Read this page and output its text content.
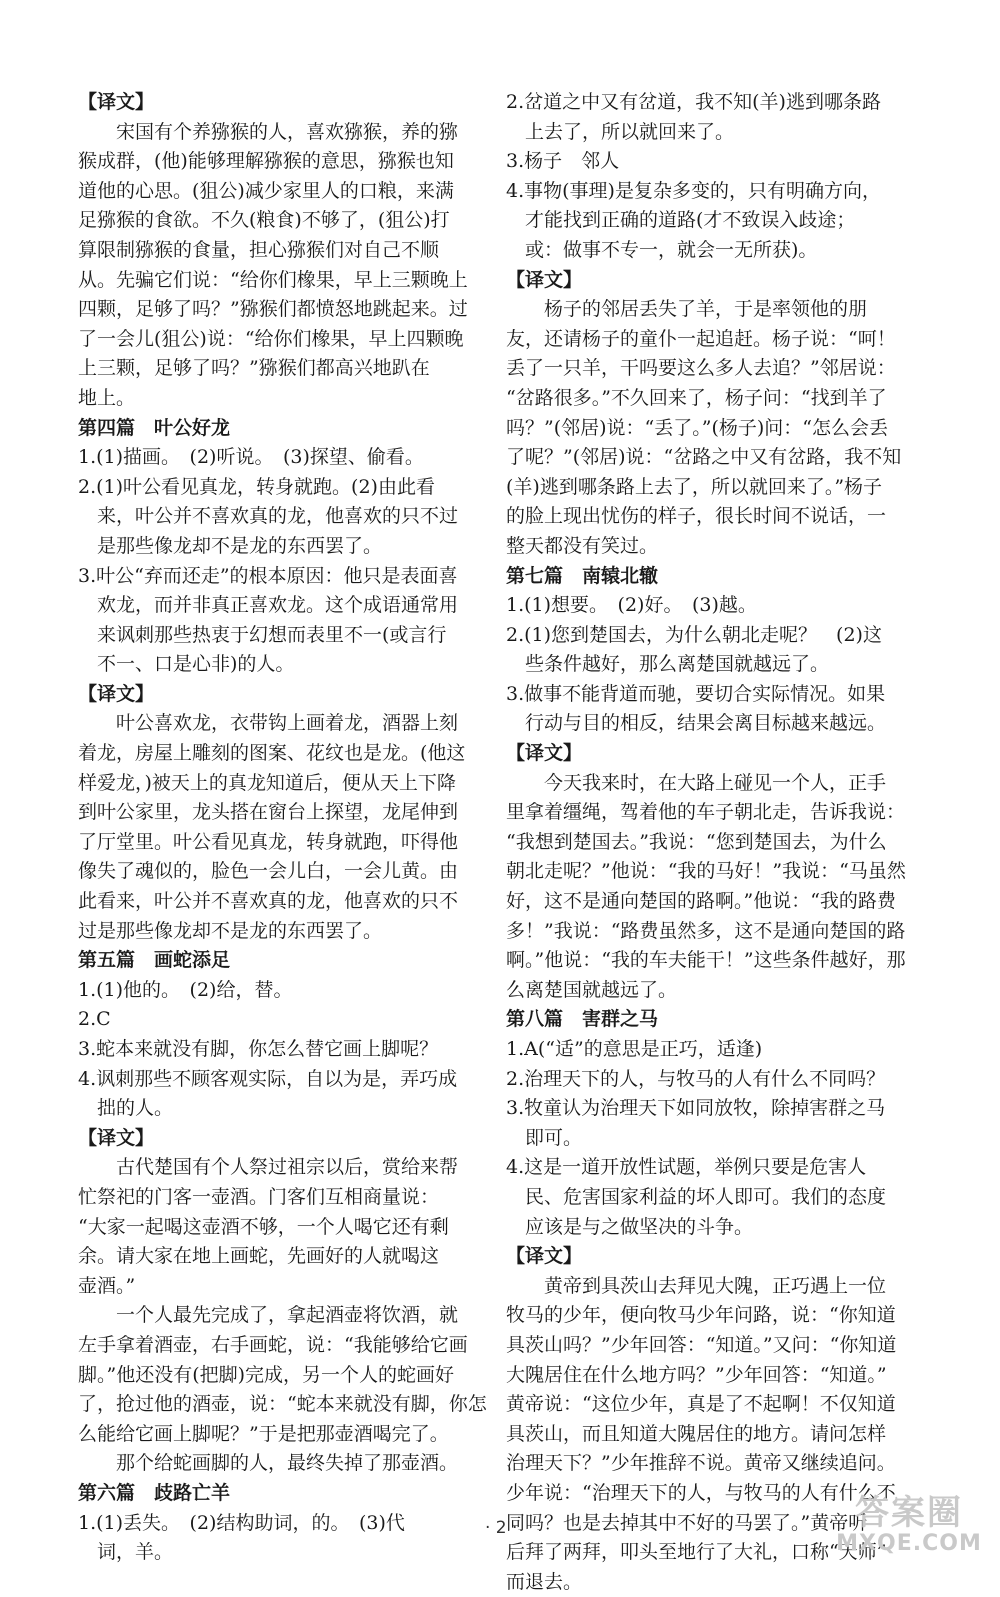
【译文】
　　宋国有个养猕猴的人，喜欢猕猴，养的猕
猴成群，(他)能够理解猕猴的意思，猕猴也知
道他的心思。(狙公)减少家里人的口粮，来满
足猕猴的食欲。不久(粮食)不够了，(狙公)打
算限制猕猴的食量，担心猕猴们对自己不顺
从。先骗它们说：“给你们橡果，早上三颗晚上
四颗，足够了吗？”猕猴们都愤怒地跳起来。过
了一会儿(狙公)说：“给你们橡果，早上四颗晚
上三颗，足够了吗？”猕猴们都高兴地趴在
地上。
第四篇　叶公好龙
1.(1)描画。　(2)听说。　(3)探望、偷看。
2.(1)叶公看见真龙，转身就跑。(2)由此看
　来，叶公并不喜欢真的龙，他喜欢的只不过
　是那些像龙却不是龙的东西罢了。
3.叶公“弃而还走”的根本原因：他只是表面喜
　欢龙，而并非真正喜欢龙。这个成语通常用
　来讽刺那些热衷于幻想而表里不一(或言行
　不一、口是心非)的人。
【译文】
　　叶公喜欢龙，衣带钩上画着龙，酒器上刻
着龙，房屋上雕刻的图案、花纹也是龙。(他这
样爱龙，)被天上的真龙知道后，便从天上下降
到叶公家里，龙头搭在窗台上探望，龙尾伸到
了厅堂里。叶公看见真龙，转身就跑，吓得他
像失了魂似的，脸色一会儿白，一会儿黄。由
此看来，叶公并不喜欢真的龙，他喜欢的只不
过是那些像龙却不是龙的东西罢了。
第五篇　画蛇添足
1.(1)他的。　(2)给，替。
2.C
3.蛇本来就没有脚，你怎么替它画上脚呢？
4.讽刺那些不顾客观实际，自以为是，弄巧成
　拙的人。
【译文】
　　古代楚国有个人祭过祖宗以后，赏给来帮
忙祭祀的门客一壶酒。门客们互相商量说：
“大家一起喝这壶酒不够，一个人喝它还有剩
余。请大家在地上画蛇，先画好的人就喝这
壶酒。”
　　一个人最先完成了，拿起酒壶将饮酒，就
左手拿着酒壶，右手画蛇，说：“我能够给它画
脚。”他还没有(把脚)完成，另一个人的蛇画好
了，抢过他的酒壶，说：“蛇本来就没有脚，你怎
么能给它画上脚呢？”于是把那壶酒喝完了。
　　那个给蛇画脚的人，最终失掉了那壶酒。
第六篇　歧路亡羊
1.(1)丢失。　(2)结构助词，的。　(3)代
　词，羊。
2.岔道之中又有岔道，我不知(羊)逃到哪条路
　上去了，所以就回来了。
3.杨子　邻人
4.事物(事理)是复杂多变的，只有明确方向，
　才能找到正确的道路(才不致误入歧途；
　或：做事不专一，就会一无所获)。
【译文】
　　杨子的邻居丢失了羊，于是率领他的朋
友，还请杨子的童仆一起追赶。杨子说：“呵！
丢了一只羊，干吗要这么多人去追？”邻居说：
“岔路很多。”不久回来了，杨子问：“找到羊了
吗？”(邻居)说：“丢了。”(杨子)问：“怎么会丢
了呢？”(邻居)说：“岔路之中又有岔路，我不知
(羊)逃到哪条路上去了，所以就回来了。”杨子
的脸上现出忧伤的样子，很长时间不说话，一
整天都没有笑过。
第七篇　南辕北辙
1.(1)想要。　(2)好。　(3)越。
2.(1)您到楚国去，为什么朝北走呢？　(2)这
　些条件越好，那么离楚国就越远了。
3.做事不能背道而驰，要切合实际情况。如果
　行动与目的相反，结果会离目标越来越远。
【译文】
　　今天我来时，在大路上碰见一个人，正手
里拿着缰绳，驾着他的车子朝北走，告诉我说：
“我想到楚国去。”我说：“您到楚国去，为什么
朝北走呢？”他说：“我的马好！”我说：“马虽然
好，这不是通向楚国的路啊。”他说：“我的路费
多！”我说：“路费虽然多，这不是通向楚国的路
啊。”他说：“我的车夫能干！”这些条件越好，那
么离楚国就越远了。
第八篇　害群之马
1.A(“适”的意思是正巧，适逢)
2.治理天下的人，与牧马的人有什么不同吗？
3.牧童认为治理天下如同放牧，除掉害群之马
　即可。
4.这是一道开放性试题，举例只要是危害人
　民、危害国家利益的坏人即可。我们的态度
　应该是与之做坚决的斗争。
【译文】
　　黄帝到具茨山去拜见大隗，正巧遇上一位
牧马的少年，便向牧马少年问路，说：“你知道
具茨山吗？”少年回答：“知道。”又问：“你知道
大隗居住在什么地方吗？”少年回答：“知道。”
黄帝说：“这位少年，真是了不起啊！不仅知道
具茨山，而且知道大隗居住的地方。请问怎样
治理天下？”少年推辞不说。黄帝又继续追问。
少年说：“治理天下的人，与牧马的人有什么不
同吗？也是去掉其中不好的马罢了。”黄帝听
后拜了两拜，叩头至地行了大礼，口称“天师”
而退去。
· 2 ·	答案圈
MXQE.COM
